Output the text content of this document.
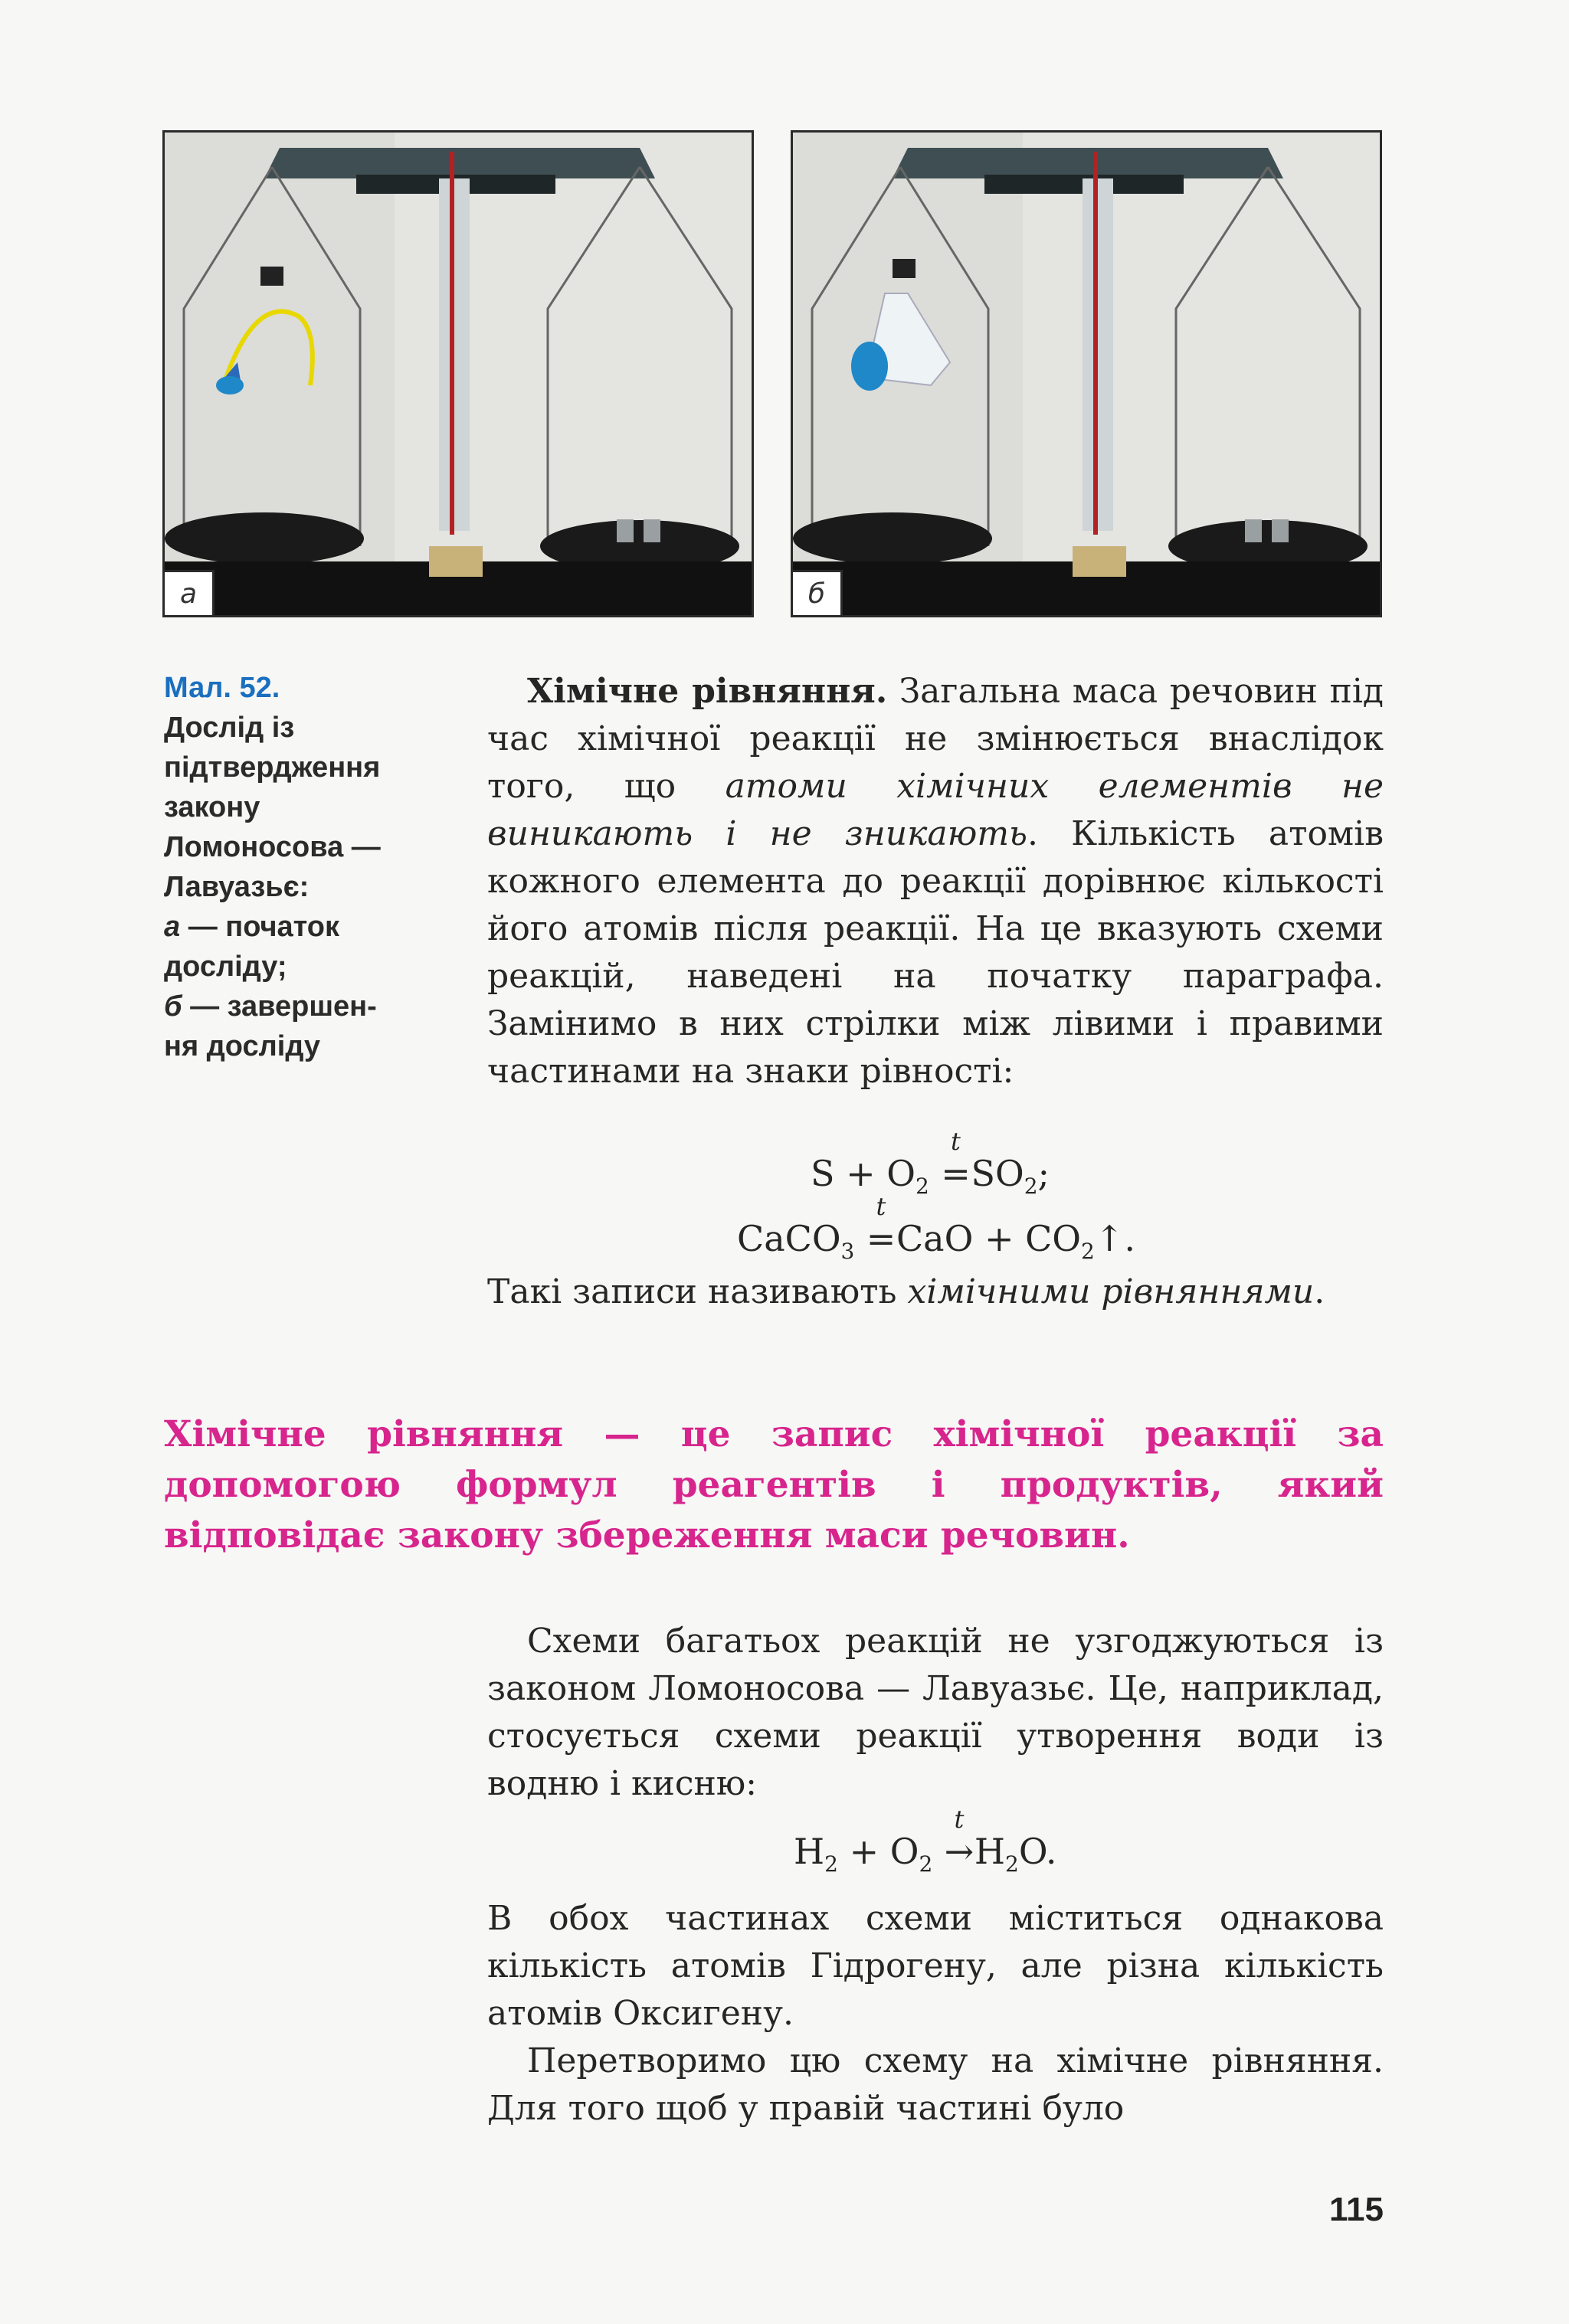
а	б
Мал. 52.
Дослід із
підтвердження
закону
Ломоносова —
Лавуазьє:
а — початок
досліду;
б — завершен-
ня досліду

Хімічне рівняння. Загальна маса речовин під час хімічної реакції не змінюється внаслідок того, що атоми хімічних елементів не виникають і не зникають. Кількість атомів кожного елемента до реакції дорівнює кількості його атомів після реакції. На це вказують схеми реакцій, наведені на початку параграфа. Замінимо в них стрілки між лівими і правими частинами на знаки рівності:

$S + O_2$
t
$=SO_2$;
CaCO$_3$
t
$=CaO + CO_2↑$.

Такі записи називають хімічними рівняннями.

Хімічне рівняння — це запис хімічної реакції за допомогою формул реагентів і продуктів, який відповідає закону збереження маси речовин.

Схеми багатьох реакцій не узгоджуються із законом Ломоносова — Лавуазьє. Це, наприклад, стосується схеми реакції утворення води із водню і кисню:

$H_2 + O_2$
t
$\to H_2O$.

В обох частинах схеми міститься однакова кількість атомів Гідрогену, але різна кількість атомів Оксигену.

Перетворимо цю схему на хімічне рівняння. Для того щоб у правій частині було

115
